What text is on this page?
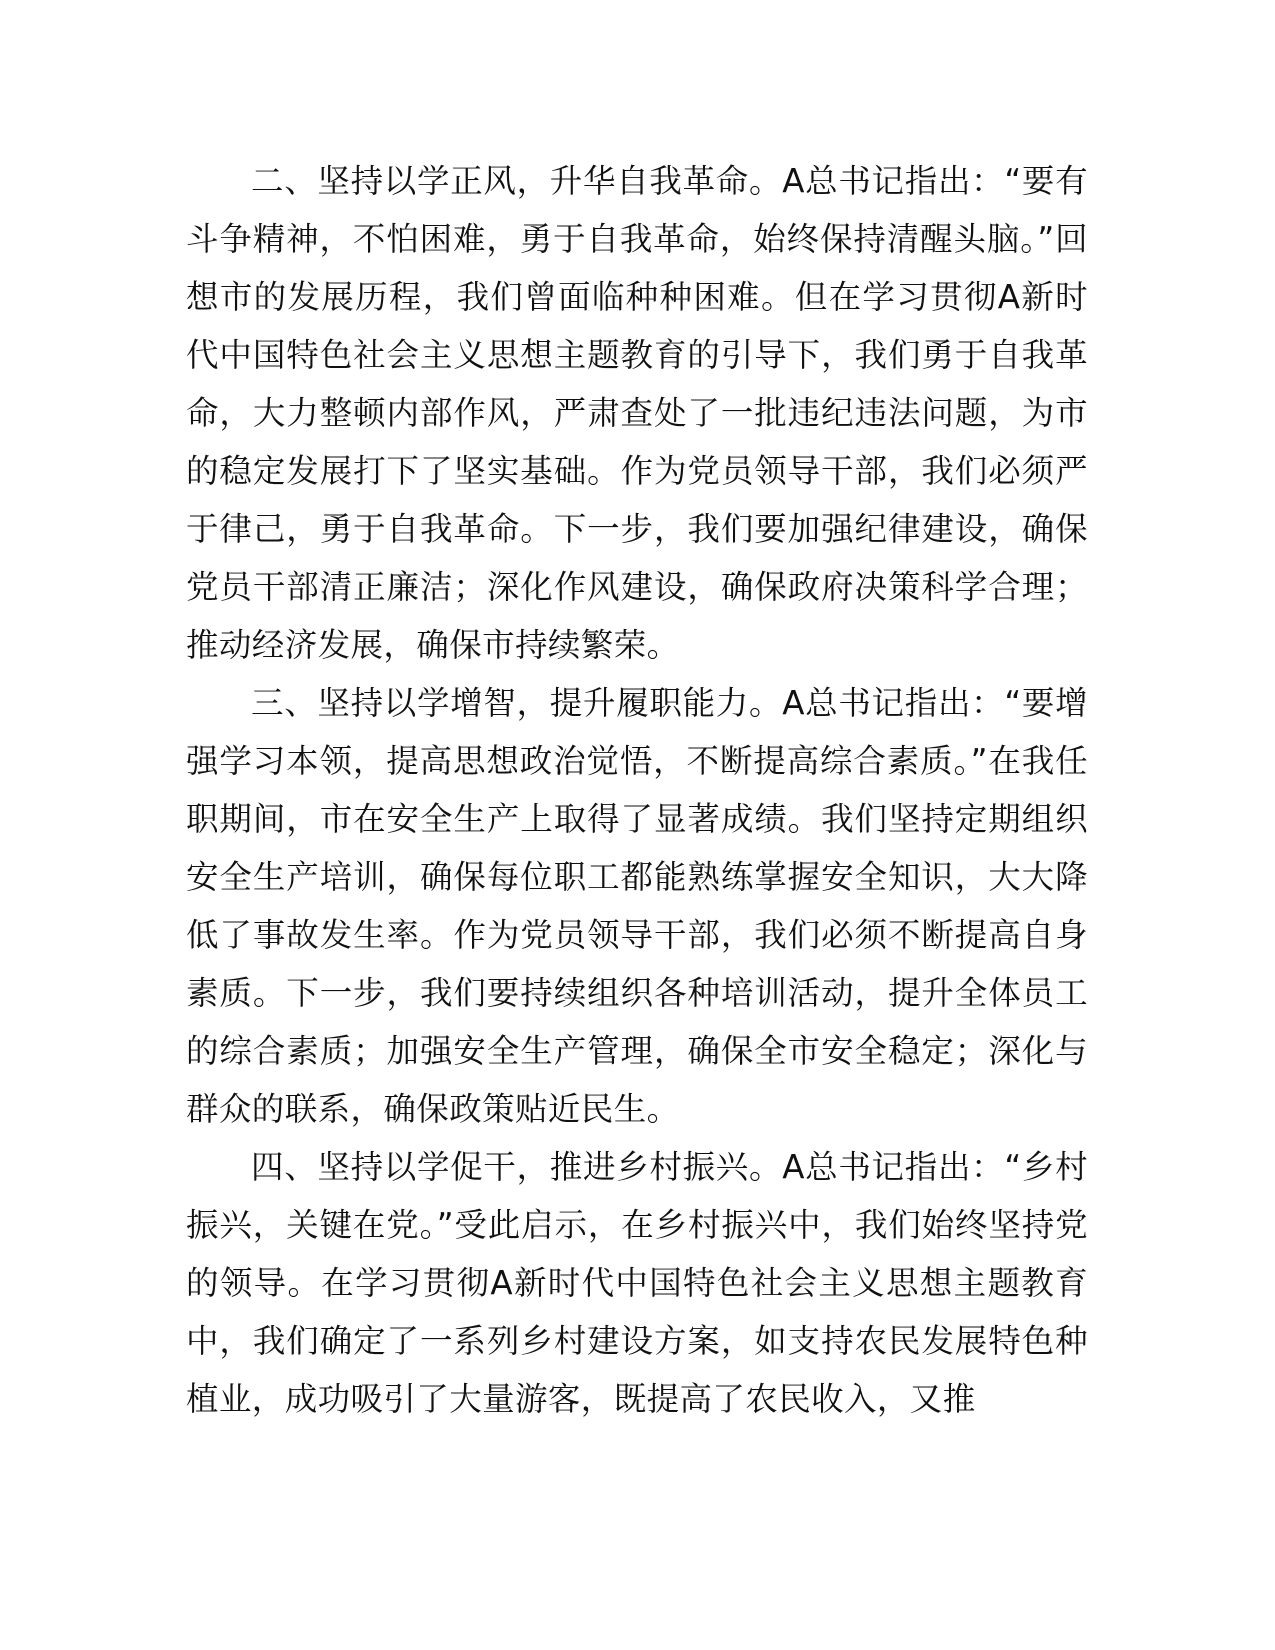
二、坚持以学正风，升华自我革命。A总书记指出：“要有斗争精神，不怕困难，勇于自我革命，始终保持清醒头脑。”回想市的发展历程，我们曾面临种种困难。但在学习贯彻A新时代中国特色社会主义思想主题教育的引导下，我们勇于自我革命，大力整顿内部作风，严肃查处了一批违纪违法问题，为市的稳定发展打下了坚实基础。作为党员领导干部，我们必须严于律己，勇于自我革命。下一步，我们要加强纪律建设，确保党员干部清正廉洁；深化作风建设，确保政府决策科学合理；推动经济发展，确保市持续繁荣。

三、坚持以学增智，提升履职能力。A总书记指出：“要增强学习本领，提高思想政治觉悟，不断提高综合素质。”在我任职期间，市在安全生产上取得了显著成绩。我们坚持定期组织安全生产培训，确保每位职工都能熟练掌握安全知识，大大降低了事故发生率。作为党员领导干部，我们必须不断提高自身素质。下一步，我们要持续组织各种培训活动，提升全体员工的综合素质；加强安全生产管理，确保全市安全稳定；深化与群众的联系，确保政策贴近民生。

四、坚持以学促干，推进乡村振兴。A总书记指出：“乡村振兴，关键在党。”受此启示，在乡村振兴中，我们始终坚持党的领导。在学习贯彻A新时代中国特色社会主义思想主题教育中，我们确定了一系列乡村建设方案，如支持农民发展特色种植业，成功吸引了大量游客，既提高了农民收入，又推
